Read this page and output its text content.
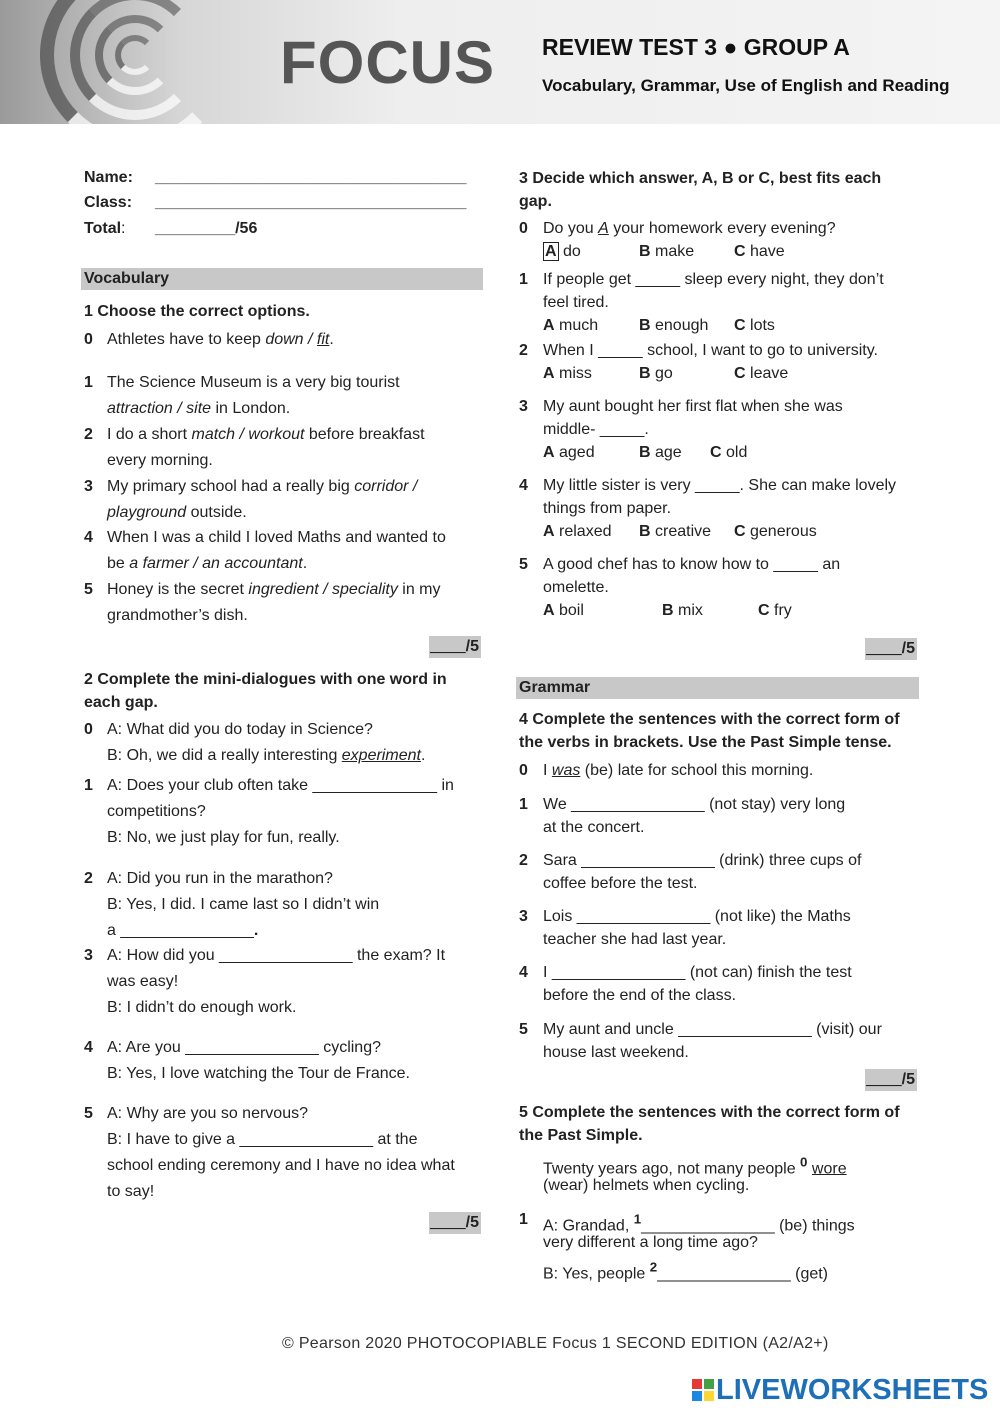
FOCUS REVIEW TEST 3 ● GROUP A
Vocabulary, Grammar, Use of English and Reading
Name: ___________________________________
Class: ___________________________________
Total: _________/56
Vocabulary
1 Choose the correct options.
0 Athletes have to keep down / fit.
1 The Science Museum is a very big tourist
attraction / site in London.
2 I do a short match / workout before breakfast
every morning.
3 My primary school had a really big corridor /
playground outside.
4 When I was a child I loved Maths and wanted to
be a farmer / an accountant.
5 Honey is the secret ingredient / speciality in my
grandmother’s dish.
____/5
2 Complete the mini-dialogues with one word in
each gap.
0 A: What did you do today in Science?
B: Oh, we did a really interesting experiment.
1 A: Does your club often take ______________ in
competitions?
B: No, we just play for fun, really.
2 A: Did you run in the marathon?
B: Yes, I did. I came last so I didn’t win
a _______________.
3 A: How did you _______________ the exam? It
was easy!
B: I didn’t do enough work.
4 A: Are you _______________ cycling?
B: Yes, I love watching the Tour de France.
5 A: Why are you so nervous?
B: I have to give a _______________ at the
school ending ceremony and I have no idea what
to say!
____/5
3 Decide which answer, A, B or C, best fits each
gap.
0 Do you A your homework every evening?
A do	B make C have
1 If people get _____ sleep every night, they don’t
feel tired.
A much	B enough C lots
2 When I _____ school, I want to go to university.
A miss	B go	C leave
3 My aunt bought her first flat when she was
middle- _____.
A aged	B age C old
4 My little sister is very _____. She can make lovely
things from paper.
A relaxed B creative C generous
5 A good chef has to know how to _____ an
omelette.
A boil	B mix	C fry
____/5
4 Complete the sentences with the correct form of
the verbs in brackets. Use the Past Simple tense.
0 I was (be) late for school this morning.
1 We _______________ (not stay) very long
at the concert.
2 Sara _______________ (drink) three cups of
coffee before the test.
3 Lois _______________ (not like) the Maths
teacher she had last year.
4 I _______________ (not can) finish the test
before the end of the class.
5 My aunt and uncle _______________ (visit) our
house last weekend.
____/5
5 Complete the sentences with the correct form of
the Past Simple.
Twenty years ago, not many people $^0$ wore
(wear) helmets when cycling.
1 A: Grandad, $^1$_______________ (be) things
very different a long time ago?
B: Yes, people $^2$_______________ (get)
Grammar
© Pearson 2020 PHOTOCOPIABLE Focus 1 SECOND EDITION (A2/A2+)
LIVEWORKSHEETS
